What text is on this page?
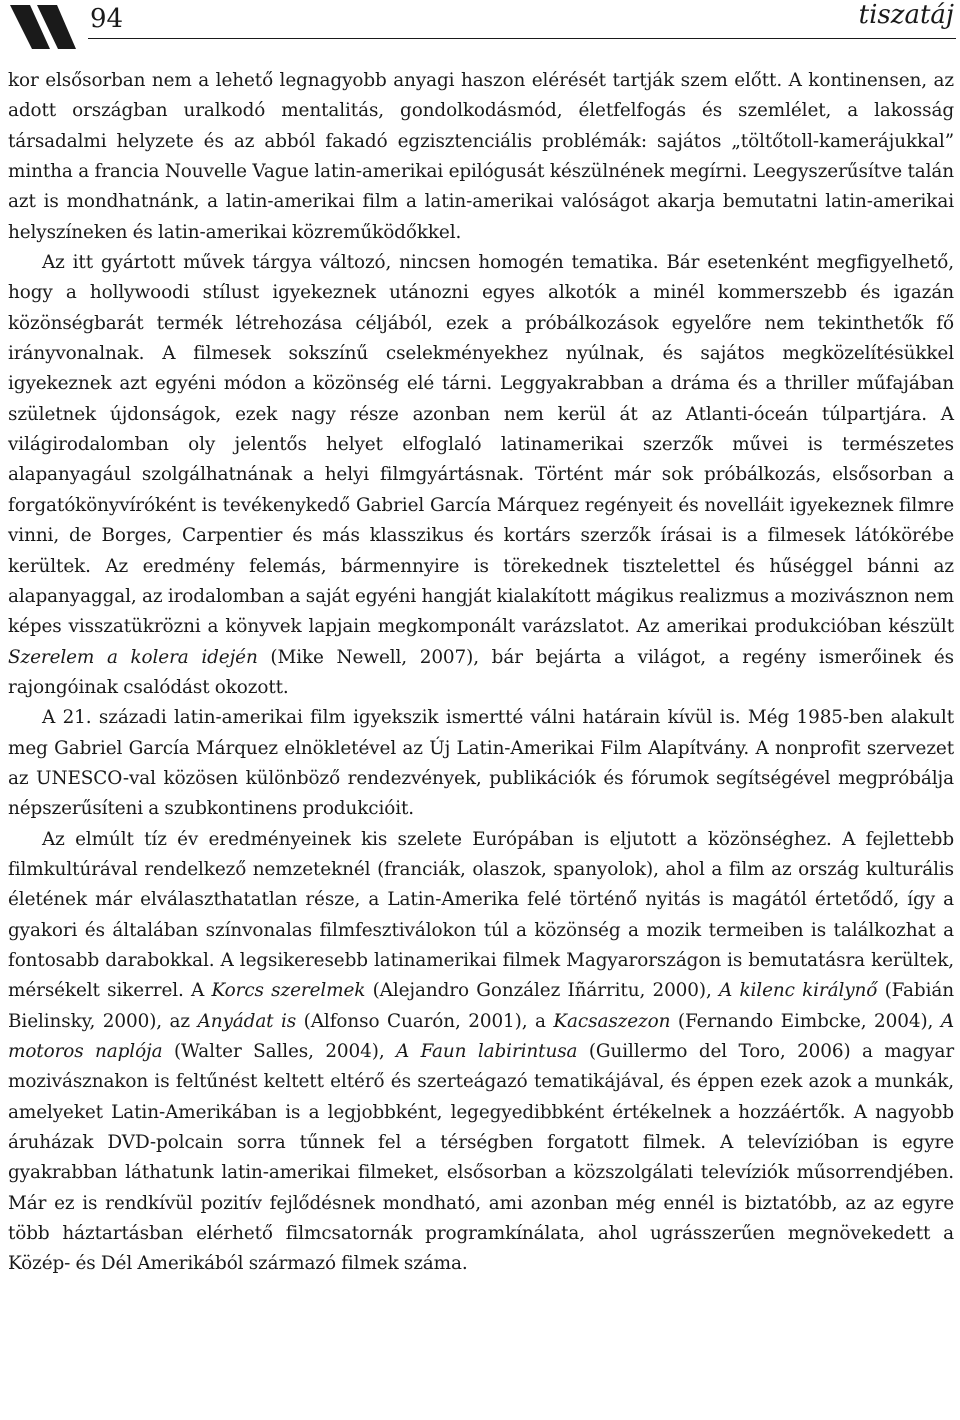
94	tiszatáj

kor elsősorban nem a lehető legnagyobb anyagi haszon elérését tartják szem előtt. A kontinensen, az adott országban uralkodó mentalitás, gondolkodásmód, életfelfogás és szemlélet, a lakosság társadalmi helyzete és az abból fakadó egzisztenciális problémák: sajátos „töltőtoll-kamerájukkal” mintha a francia Nouvelle Vague latin-amerikai epilógusát készülnének megírni. Leegyszerűsítve talán azt is mondhatnánk, a latin-amerikai film a latin-amerikai valóságot akarja bemutatni latin-amerikai helyszíneken és latin-amerikai közreműködőkkel.

Az itt gyártott művek tárgya változó, nincsen homogén tematika. Bár esetenként megfigyelhető, hogy a hollywoodi stílust igyekeznek utánozni egyes alkotók a minél kommerszebb és igazán közönségbarát termék létrehozása céljából, ezek a próbálkozások egyelőre nem tekinthetők fő irányvonalnak. A filmesek sokszínű cselekményekhez nyúlnak, és sajátos megközelítésükkel igyekeznek azt egyéni módon a közönség elé tárni. Leggyakrabban a dráma és a thriller műfajában születnek újdonságok, ezek nagy része azonban nem kerül át az Atlanti-óceán túlpartjára. A világirodalomban oly jelentős helyet elfoglaló latinamerikai szerzők művei is természetes alapanyagául szolgálhatnának a helyi filmgyártásnak. Történt már sok próbálkozás, elsősorban a forgatókönyvíróként is tevékenykedő Gabriel García Márquez regényeit és novelláit igyekeznek filmre vinni, de Borges, Carpentier és más klasszikus és kortárs szerzők írásai is a filmesek látókörébe kerültek. Az eredmény felemás, bármennyire is törekednek tisztelettel és hűséggel bánni az alapanyaggal, az irodalomban a saját egyéni hangját kialakított mágikus realizmus a mozivásznon nem képes visszatükrözni a könyvek lapjain megkomponált varázslatot. Az amerikai produkcióban készült Szerelem a kolera idején (Mike Newell, 2007), bár bejárta a világot, a regény ismerőinek és rajongóinak csalódást okozott.

A 21. századi latin-amerikai film igyekszik ismertté válni határain kívül is. Még 1985-ben alakult meg Gabriel García Márquez elnökletével az Új Latin-Amerikai Film Alapítvány. A nonprofit szervezet az UNESCO-val közösen különböző rendezvények, publikációk és fórumok segítségével megpróbálja népszerűsíteni a szubkontinens produkcióit.

Az elmúlt tíz év eredményeinek kis szelete Európában is eljutott a közönséghez. A fejlettebb filmkultúrával rendelkező nemzeteknél (franciák, olaszok, spanyolok), ahol a film az ország kulturális életének már elválaszthatatlan része, a Latin-Amerika felé történő nyitás is magától értetődő, így a gyakori és általában színvonalas filmfesztiválokon túl a közönség a mozik termeiben is találkozhat a fontosabb darabokkal. A legsikeresebb latinamerikai filmek Magyarországon is bemutatásra kerültek, mérsékelt sikerrel. A Korcs szerelmek (Alejandro González Iñárritu, 2000), A kilenc királynő (Fabián Bielinsky, 2000), az Anyádat is (Alfonso Cuarón, 2001), a Kacsaszezon (Fernando Eimbcke, 2004), A motoros naplója (Walter Salles, 2004), A Faun labirintusa (Guillermo del Toro, 2006) a magyar mozivásznakon is feltűnést keltett eltérő és szerteágazó tematikájával, és éppen ezek azok a munkák, amelyeket Latin-Amerikában is a legjobbként, legegyedibbként értékelnek a hozzáértők. A nagyobb áruházak DVD-polcain sorra tűnnek fel a térségben forgatott filmek. A televízióban is egyre gyakrabban láthatunk latin-amerikai filmeket, elsősorban a közszolgálati televíziók műsorrendjében. Már ez is rendkívül pozitív fejlődésnek mondható, ami azonban még ennél is biztatóbb, az az egyre több háztartásban elérhető filmcsatornák programkínálata, ahol ugrásszerűen megnövekedett a Közép- és Dél Amerikából származó filmek száma.
